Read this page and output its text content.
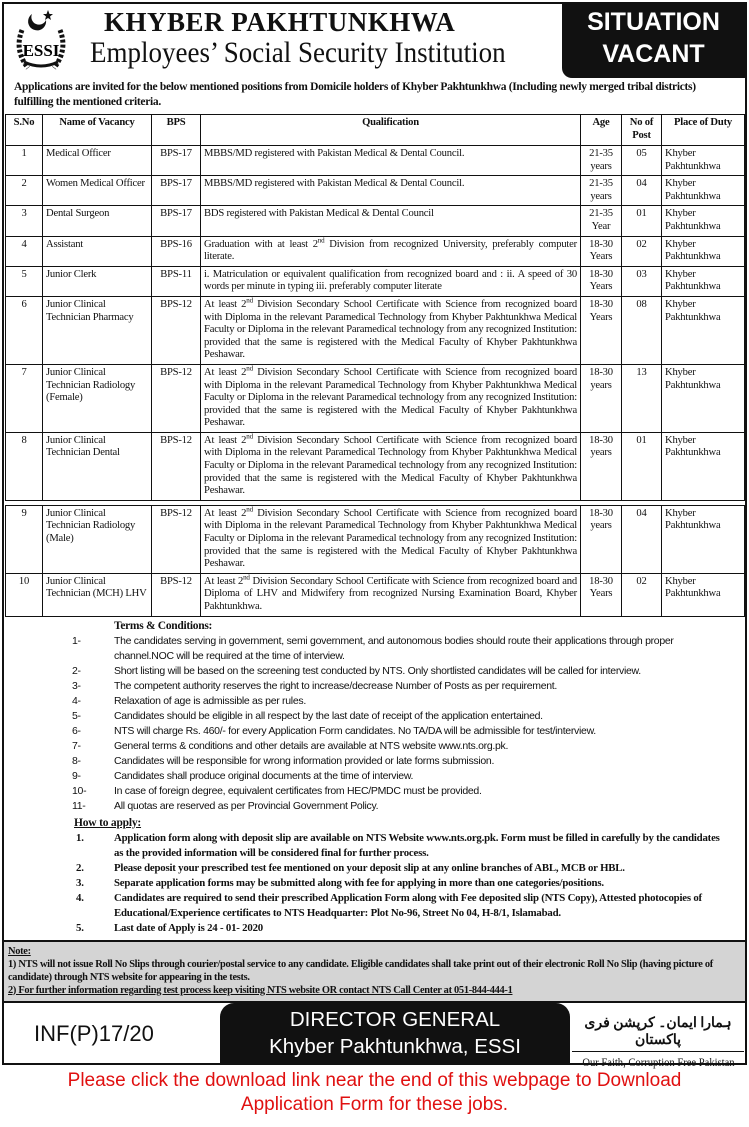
ESSI
KHYBER PAKHTUNKHWA
Employees’ Social Security Institution
SITUATION
VACANT
Applications are invited for the below mentioned positions from Domicile holders of Khyber Pakhtunkhwa (Including newly merged tribal districts) fulfilling the mentioned criteria.
S.No	Name of Vacancy	BPS	Qualification	Age	No of Post	Place of Duty
1	Medical Officer	BPS-17	MBBS/MD registered with Pakistan Medical & Dental Council.	21-35 years	05	Khyber Pakhtunkhwa
2	Women Medical Officer	BPS-17	MBBS/MD registered with Pakistan Medical & Dental Council.	21-35 years	04	Khyber Pakhtunkhwa
3	Dental Surgeon	BPS-17	BDS registered with Pakistan Medical & Dental Council	21-35 Year	01	Khyber Pakhtunkhwa
4	Assistant	BPS-16	Graduation with at least 2nd Division from recognized University, preferably computer literate.	18-30 Years	02	Khyber Pakhtunkhwa
5	Junior Clerk	BPS-11	i. Matriculation or equivalent qualification from recognized board and : ii. A speed of 30 words per minute in typing iii. preferably computer literate	18-30 Years	03	Khyber Pakhtunkhwa
6	Junior Clinical Technician Pharmacy	BPS-12	At least 2nd Division Secondary School Certificate with Science from recognized board with Diploma in the relevant Paramedical Technology from Khyber Pakhtunkhwa Medical Faculty or Diploma in the relevant Paramedical technology from any recognized Institution: provided that the same is registered with the Medical Faculty of Khyber Pakhtunkhwa Peshawar.	18-30 Years	08	Khyber Pakhtunkhwa
7	Junior Clinical Technician Radiology (Female)	BPS-12	At least 2nd Division Secondary School Certificate with Science from recognized board with Diploma in the relevant Paramedical Technology from Khyber Pakhtunkhwa Medical Faculty or Diploma in the relevant Paramedical technology from any recognized Institution: provided that the same is registered with the Medical Faculty of Khyber Pakhtunkhwa Peshawar.	18-30 years	13	Khyber Pakhtunkhwa
8	Junior Clinical Technician Dental	BPS-12	At least 2nd Division Secondary School Certificate with Science from recognized board with Diploma in the relevant Paramedical Technology from Khyber Pakhtunkhwa Medical Faculty or Diploma in the relevant Paramedical technology from any recognized Institution: provided that the same is registered with the Medical Faculty of Khyber Pakhtunkhwa Peshawar.	18-30 years	01	Khyber Pakhtunkhwa

9	Junior Clinical Technician Radiology (Male)	BPS-12	At least 2nd Division Secondary School Certificate with Science from recognized board with Diploma in the relevant Paramedical Technology from Khyber Pakhtunkhwa Medical Faculty or Diploma in the relevant Paramedical technology from any recognized Institution: provided that the same is registered with the Medical Faculty of Khyber Pakhtunkhwa Peshawar.	18-30 years	04	Khyber Pakhtunkhwa
10	Junior Clinical Technician (MCH) LHV	BPS-12	At least 2nd Division Secondary School Certificate with Science from recognized board and Diploma of LHV and Midwifery from recognized Nursing Examination Board, Khyber Pakhtunkhwa.	18-30 Years	02	Khyber Pakhtunkhwa
Terms & Conditions:
1-	The candidates serving in government, semi government, and autonomous bodies should route their applications through proper channel.NOC will be required at the time of interview.
2-	Short listing will be based on the screening test conducted by NTS. Only shortlisted candidates will be called for interview.
3-	The competent authority reserves the right to increase/decrease Number of Posts as per requirement.
4-	Relaxation of age is admissible as per rules.
5-	Candidates should be eligible in all respect by the last date of receipt of the application entertained.
6-	NTS will charge Rs. 460/- for every Application Form candidates. No TA/DA will be admissible for test/interview.
7-	General terms & conditions and other details are available at NTS website www.nts.org.pk.
8-	Candidates will be responsible for wrong information provided or late forms submission.
9-	Candidates shall produce original documents at the time of interview.
10-	In case of foreign degree, equivalent certificates from HEC/PMDC must be provided.
11-	All quotas are reserved as per Provincial Government Policy.
How to apply:
1.	Application form along with deposit slip are available on NTS Website www.nts.org.pk. Form must be filled in carefully by the candidates as the provided information will be considered final for further process.
2.	Please deposit your prescribed test fee mentioned on your deposit slip at any online branches of ABL, MCB or HBL.
3.	Separate application forms may be submitted along with fee for applying in more than one categories/positions.
4.	Candidates are required to send their prescribed Application Form along with Fee deposited slip (NTS Copy), Attested photocopies of Educational/Experience certificates to NTS Headquarter: Plot No-96, Street No 04, H-8/1, Islamabad.
5.	Last date of Apply is 24 - 01- 2020
Note:
1) NTS will not issue Roll No Slips through courier/postal service to any candidate. Eligible candidates shall take print out of their electronic Roll No Slip (having picture of candidate) through NTS website for appearing in the tests.
2) For further information regarding test process keep visiting NTS website OR contact NTS Call Center at 051-844-444-1
INF(P)17/20
DIRECTOR GENERAL
Khyber Pakhtunkhwa, ESSI
ہمارا ایمان۔ کرپشن فری پاکستان
Our Faith, Corruption Free Pakistan
Please click the download link near the end of this webpage to Download
Application Form for these jobs.
